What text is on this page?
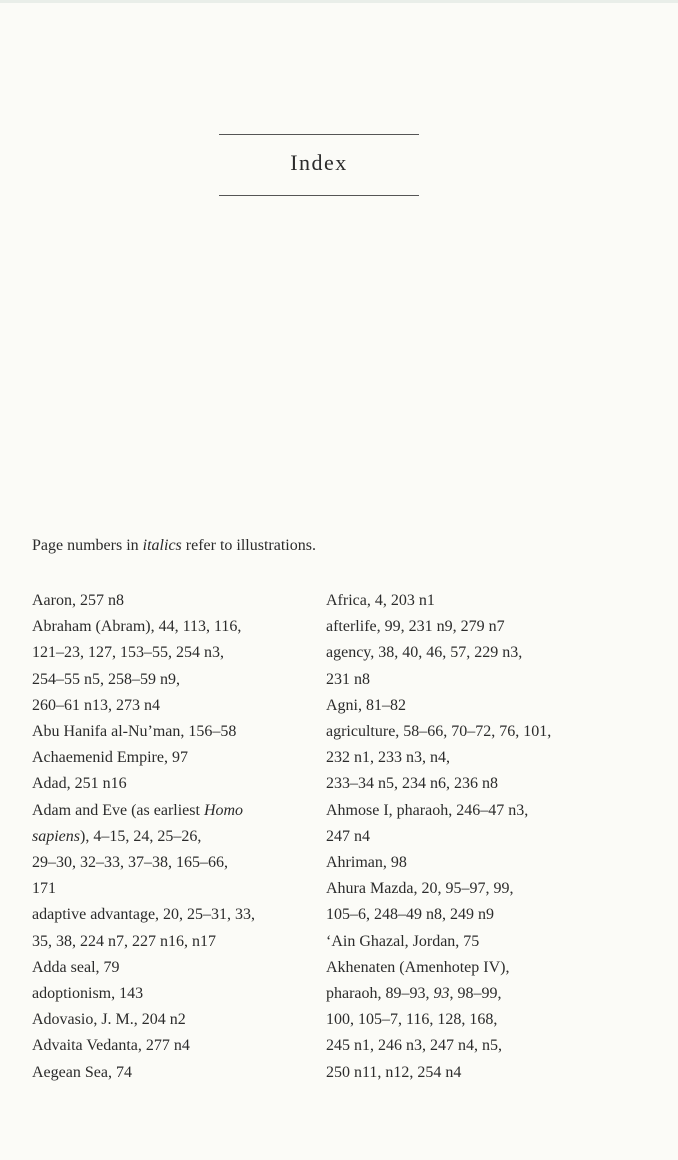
Index
Page numbers in italics refer to illustrations.

Aaron, 257 n8

Abraham (Abram), 44, 113, 116,
121–23, 127, 153–55, 254 n3,
254–55 n5, 258–59 n9,
260–61 n13, 273 n4

Abu Hanifa al-Nu’man, 156–58

Achaemenid Empire, 97

Adad, 251 n16

Adam and Eve (as earliest Homo
sapiens), 4–15, 24, 25–26,
29–30, 32–33, 37–38, 165–66,
171

adaptive advantage, 20, 25–31, 33,
35, 38, 224 n7, 227 n16, n17

Adda seal, 79

adoptionism, 143

Adovasio, J. M., 204 n2

Advaita Vedanta, 277 n4

Aegean Sea, 74

Africa, 4, 203 n1

afterlife, 99, 231 n9, 279 n7

agency, 38, 40, 46, 57, 229 n3,
231 n8

Agni, 81–82

agriculture, 58–66, 70–72, 76, 101,
232 n1, 233 n3, n4,
233–34 n5, 234 n6, 236 n8

Ahmose I, pharaoh, 246–47 n3,
247 n4

Ahriman, 98

Ahura Mazda, 20, 95–97, 99,
105–6, 248–49 n8, 249 n9

‘Ain Ghazal, Jordan, 75

Akhenaten (Amenhotep IV),
pharaoh, 89–93, 93, 98–99,
100, 105–7, 116, 128, 168,
245 n1, 246 n3, 247 n4, n5,
250 n11, n12, 254 n4
